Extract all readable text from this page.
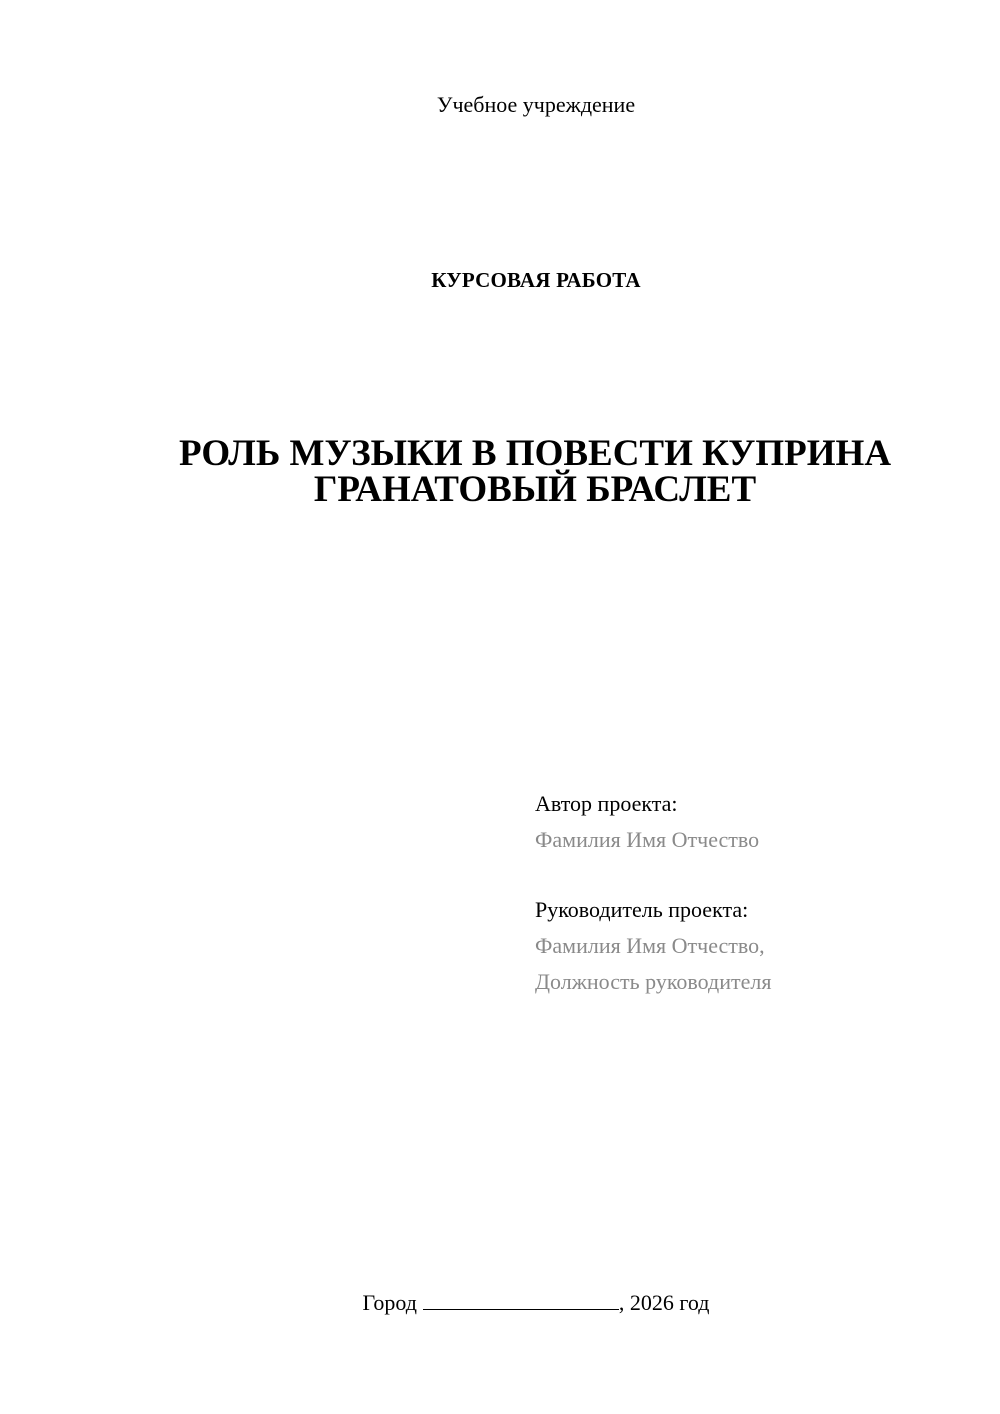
Учебное учреждение
КУРСОВАЯ РАБОТА
РОЛЬ МУЗЫКИ В ПОВЕСТИ КУПРИНА
ГРАНАТОВЫЙ БРАСЛЕТ
Автор проекта:
Фамилия Имя Отчество
Руководитель проекта:
Фамилия Имя Отчество,
Должность руководителя
Город	, 2026 год
